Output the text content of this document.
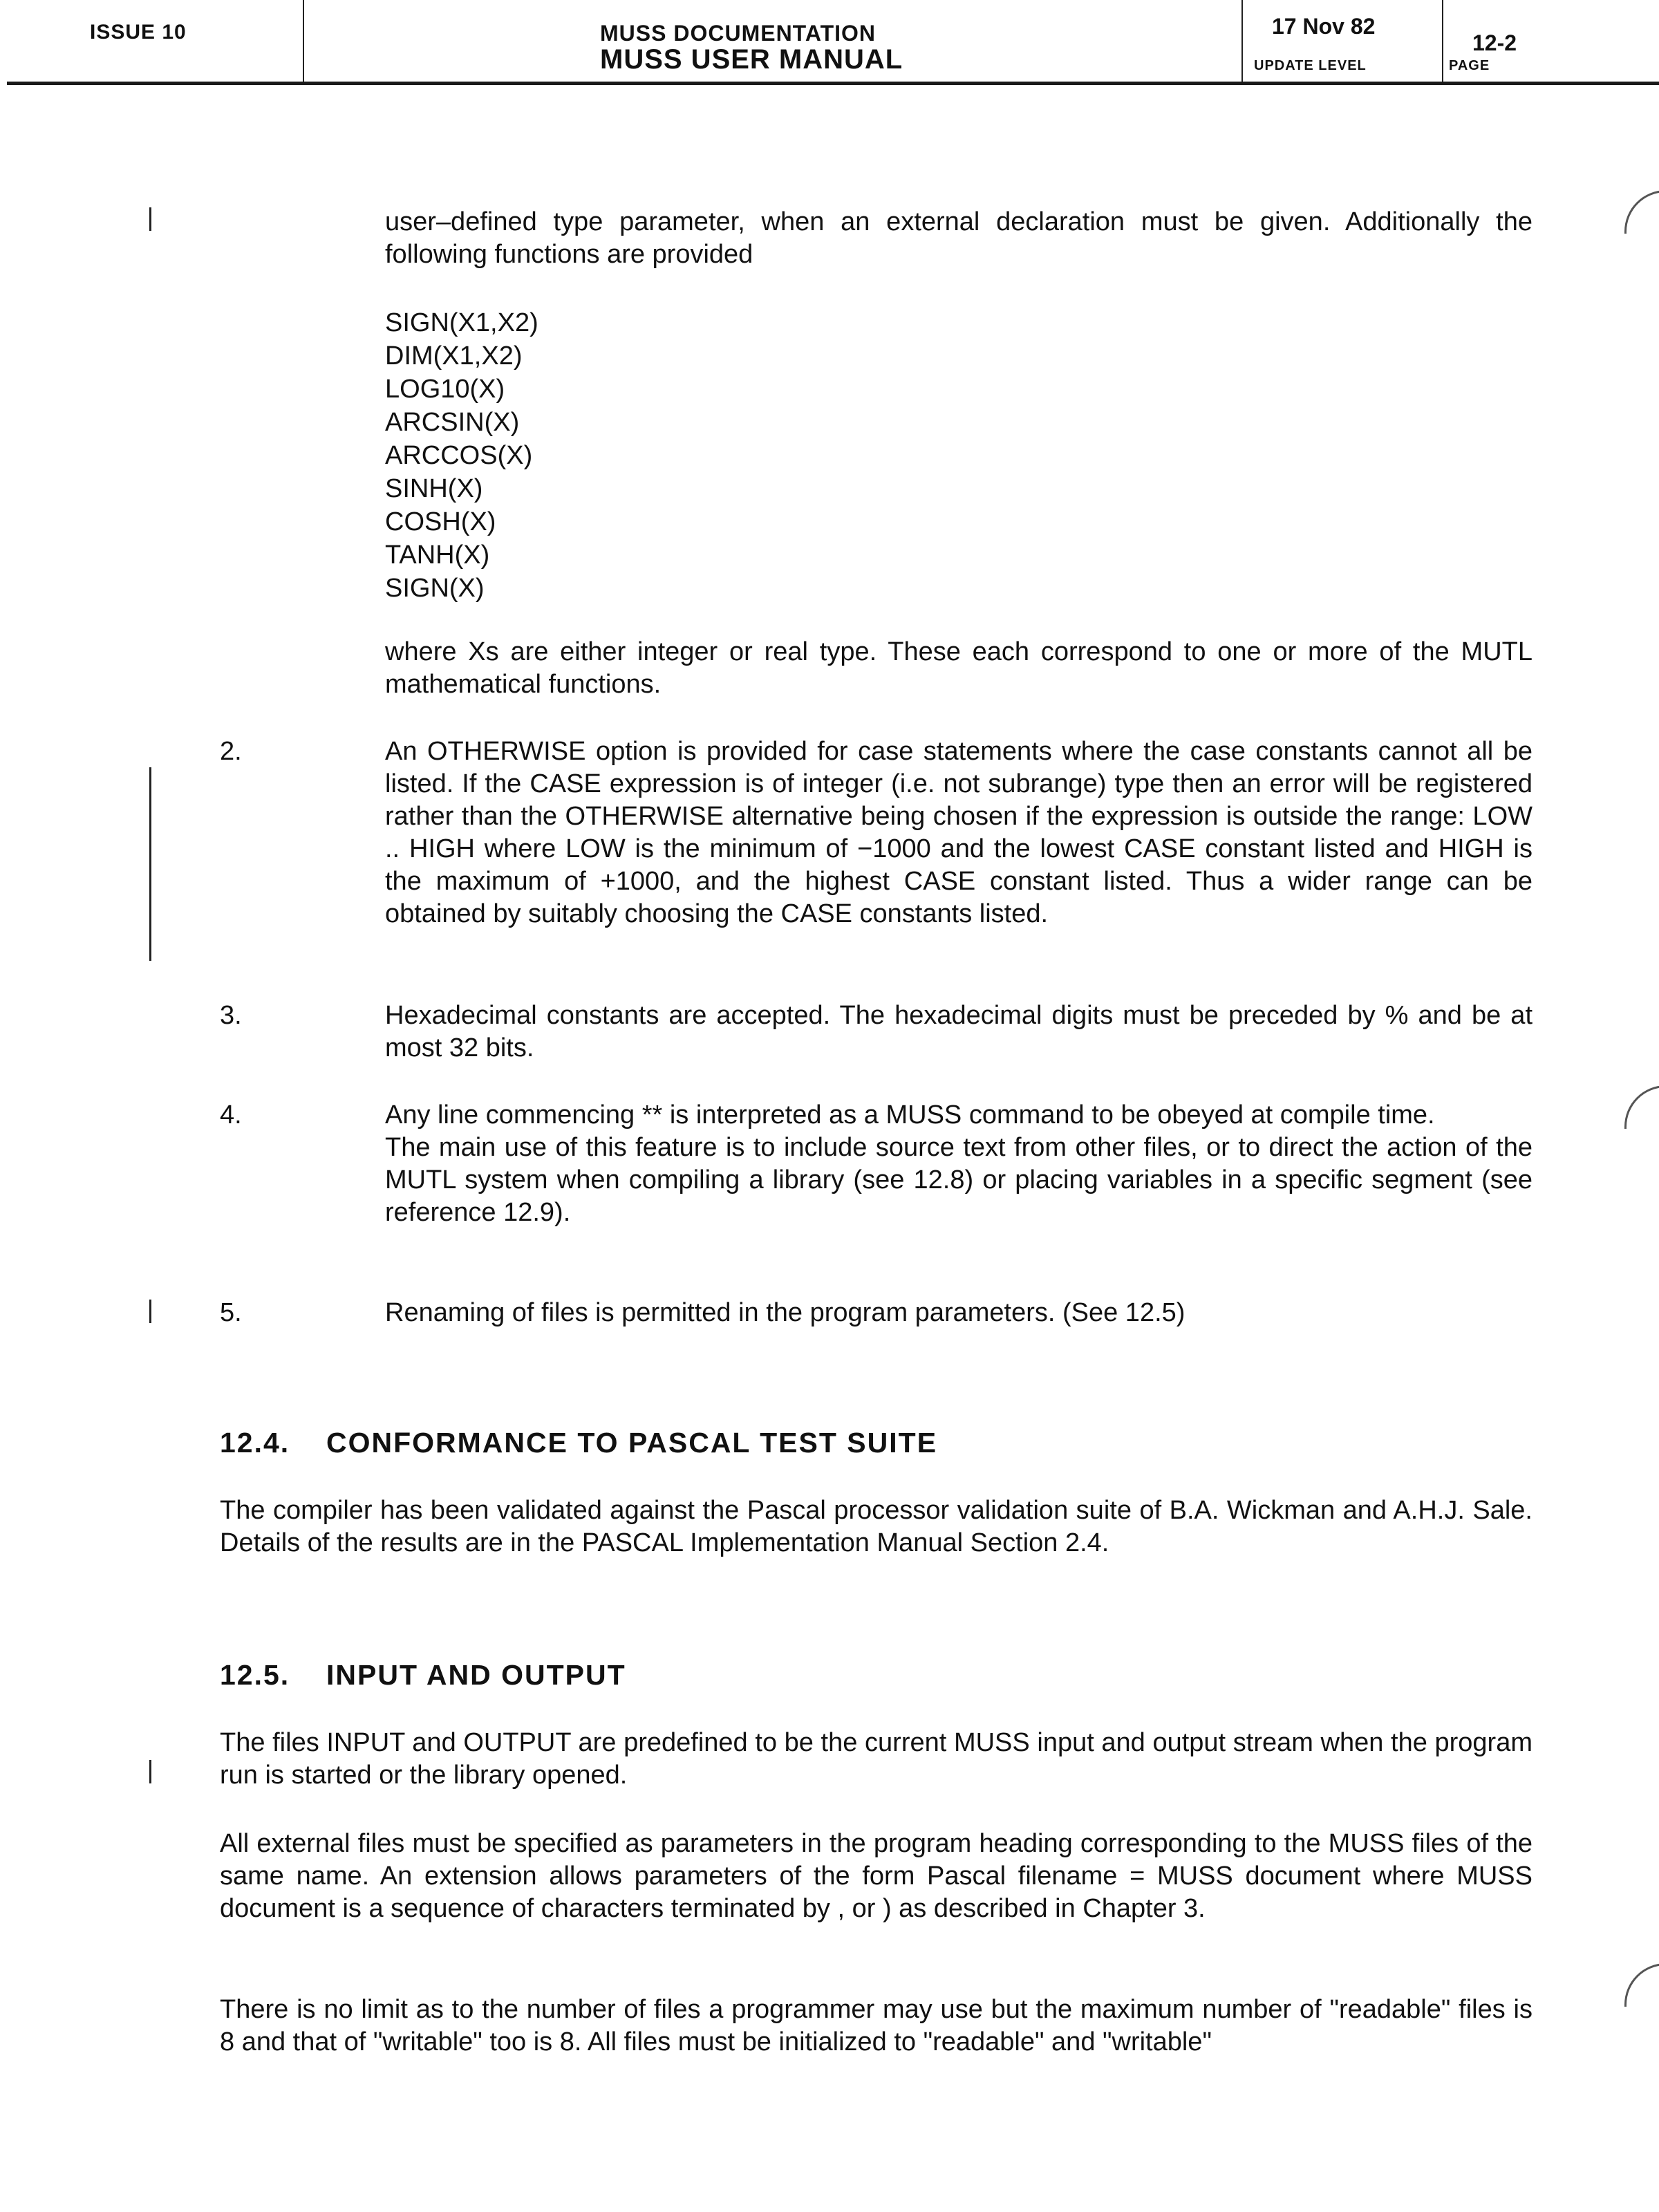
ISSUE 10	MUSS DOCUMENTATION
MUSS USER MANUAL
17 Nov 82
UPDATE LEVEL
12-2
PAGE

user–defined type parameter, when an external declaration must be given. Additionally the following functions are provided

SIGN(X1,X2)
DIM(X1,X2)
LOG10(X)
ARCSIN(X)
ARCCOS(X)
SINH(X)
COSH(X)
TANH(X)
SIGN(X)

where Xs are either integer or real type. These each correspond to one or more of the MUTL mathematical functions.

2.	An OTHERWISE option is provided for case statements where the case constants cannot all be listed. If the CASE expression is of integer (i.e. not subrange) type then an error will be registered rather than the OTHERWISE alternative being chosen if the expression is outside the range: LOW .. HIGH where LOW is the minimum of −1000 and the lowest CASE constant listed and HIGH is the maximum of +1000, and the highest CASE constant listed. Thus a wider range can be obtained by suitably choosing the CASE constants listed.

3.	Hexadecimal constants are accepted. The hexadecimal digits must be preceded by % and be at most 32 bits.

4.	Any line commencing ** is interpreted as a MUSS command to be obeyed at compile time.

The main use of this feature is to include source text from other files, or to direct the action of the MUTL system when compiling a library (see 12.8) or placing variables in a specific segment (see reference 12.9).

5.	Renaming of files is permitted in the program parameters. (See 12.5)

12.4. CONFORMANCE TO PASCAL TEST SUITE

The compiler has been validated against the Pascal processor validation suite of B.A. Wickman and A.H.J. Sale. Details of the results are in the PASCAL Implementation Manual Section 2.4.

12.5. INPUT AND OUTPUT

The files INPUT and OUTPUT are predefined to be the current MUSS input and output stream when the program run is started or the library opened.

All external files must be specified as parameters in the program heading corresponding to the MUSS files of the same name. An extension allows parameters of the form Pascal filename = MUSS document where MUSS document is a sequence of characters terminated by , or ) as described in Chapter 3.

There is no limit as to the number of files a programmer may use but the maximum number of "readable" files is 8 and that of "writable" too is 8. All files must be initialized to "readable" and "writable"
